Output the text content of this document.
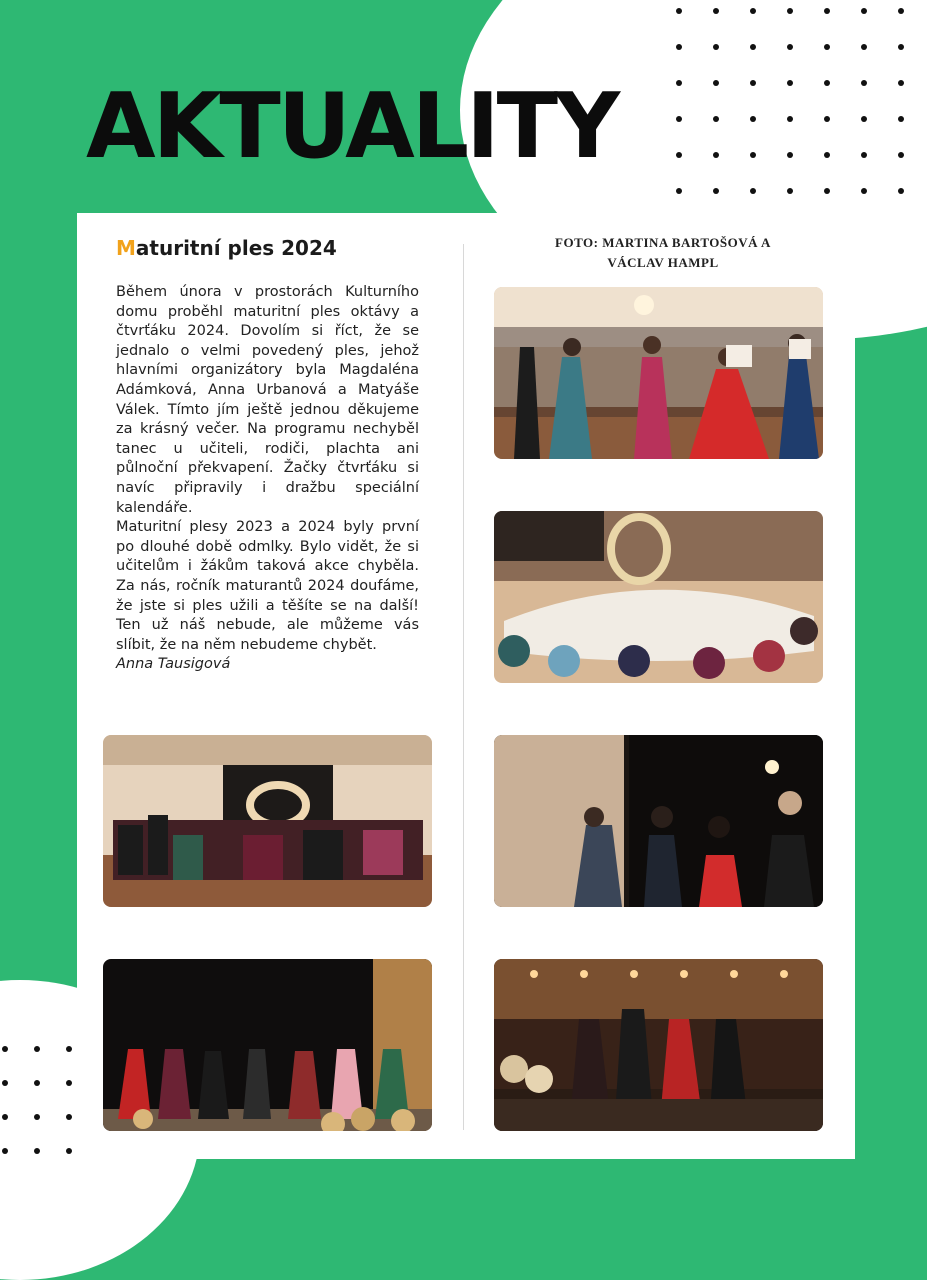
AKTUALITY
Maturitní ples 2024

Během února v prostorách Kulturního domu proběhl maturitní ples oktávy a čtvrťáku 2024. Dovolím si říct, že se jednalo o velmi povedený ples, jehož hlavními organizátory byla Magdaléna Adámková, Anna Urbanová a Matyáše Válek. Tímto jím ještě jednou děkujeme za krásný večer. Na programu nechyběl tanec u učiteli, rodiči, plachta ani půlnoční překvapení. Žačky čtvrťáku si navíc připravily i dražbu speciální kalendáře.

Maturitní plesy 2023 a 2024 byly první po dlouhé době odmlky. Bylo vidět, že si učitelům i žákům taková akce chyběla. Za nás, ročník maturantů 2024 doufáme, že jste si ples užili a těšíte se na další! Ten už náš nebude, ale můžeme vás slíbit, že na něm nebudeme chybět.

Anna Tausigová

FOTO: MARTINA BARTOŠOVÁ A
VÁCLAV HAMPL
